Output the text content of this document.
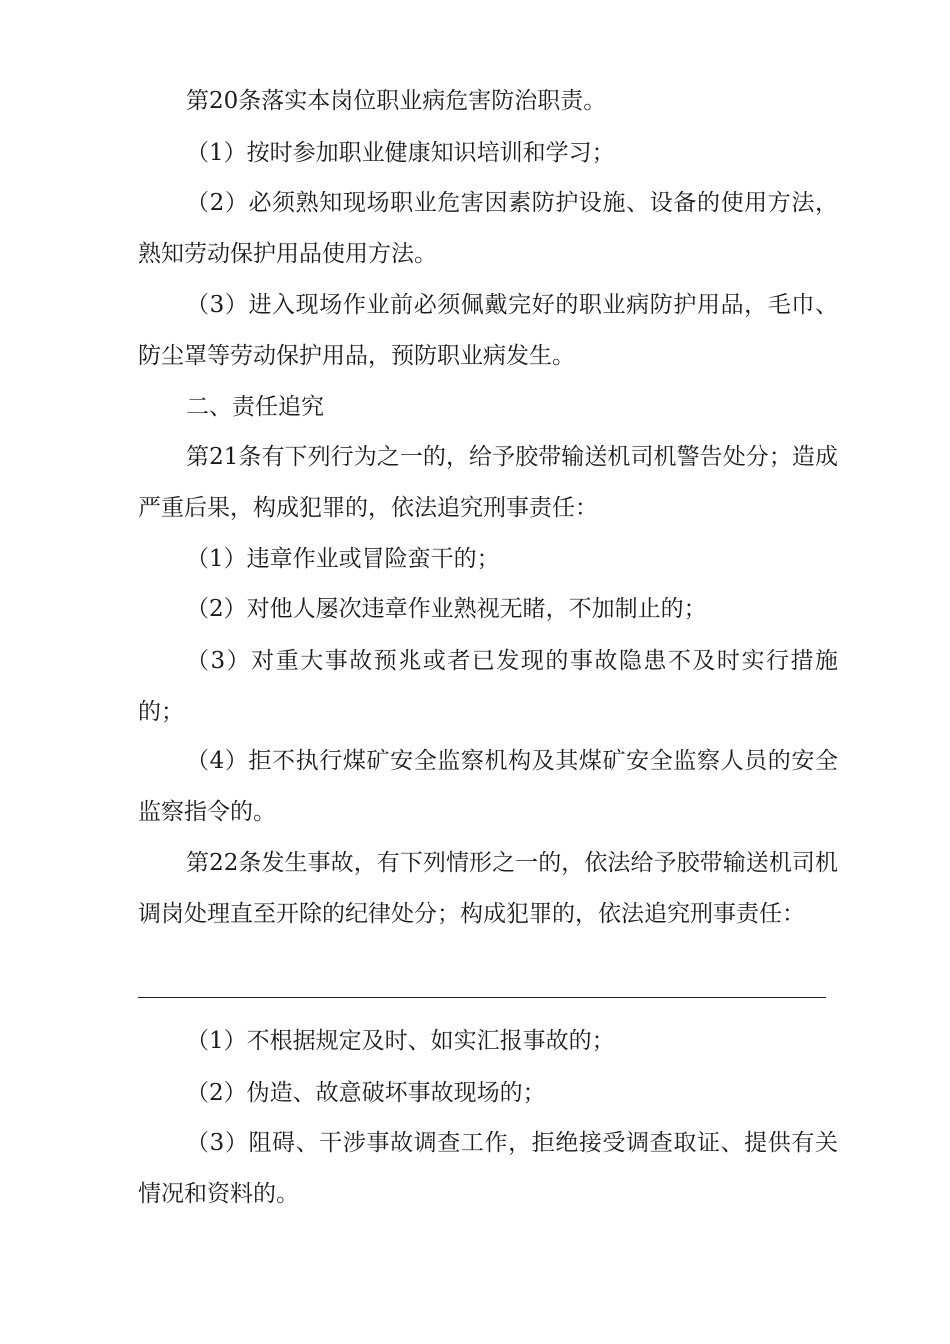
第20条落实本岗位职业病危害防治职责。

（1）按时参加职业健康知识培训和学习；

（2）必须熟知现场职业危害因素防护设施、设备的使用方法，熟知劳动保护用品使用方法。

（3）进入现场作业前必须佩戴完好的职业病防护用品，毛巾、防尘罩等劳动保护用品，预防职业病发生。

二、责任追究

第21条有下列行为之一的，给予胶带输送机司机警告处分；造成严重后果，构成犯罪的，依法追究刑事责任：

（1）违章作业或冒险蛮干的；

（2）对他人屡次违章作业熟视无睹，不加制止的；

（3）对重大事故预兆或者已发现的事故隐患不及时实行措施的；

（4）拒不执行煤矿安全监察机构及其煤矿安全监察人员的安全监察指令的。

第22条发生事故，有下列情形之一的，依法给予胶带输送机司机调岗处理直至开除的纪律处分；构成犯罪的，依法追究刑事责任：

（1）不根据规定及时、如实汇报事故的；

（2）伪造、故意破坏事故现场的；

（3）阻碍、干涉事故调查工作，拒绝接受调查取证、提供有关情况和资料的。
